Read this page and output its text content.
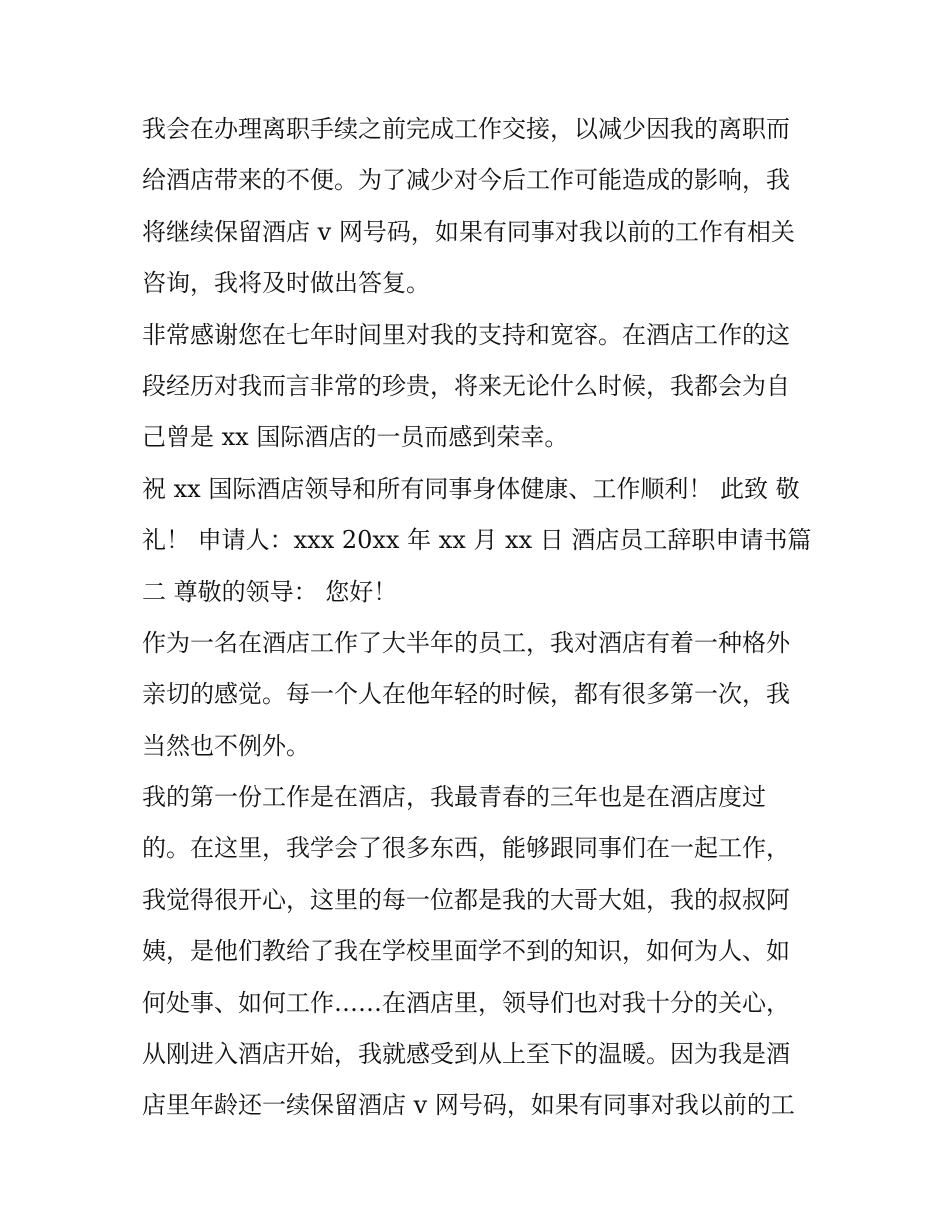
我会在办理离职手续之前完成工作交接，以减少因我的离职而
给酒店带来的不便。为了减少对今后工作可能造成的影响，我
将继续保留酒店 v 网号码，如果有同事对我以前的工作有相关
咨询，我将及时做出答复。
非常感谢您在七年时间里对我的支持和宽容。在酒店工作的这
段经历对我而言非常的珍贵，将来无论什么时候，我都会为自
己曾是 xx 国际酒店的一员而感到荣幸。
祝 xx 国际酒店领导和所有同事身体健康、工作顺利！ 此致 敬
礼！ 申请人：xxx 20xx 年 xx 月 xx 日 酒店员工辞职申请书篇
二 尊敬的领导： 您好！
作为一名在酒店工作了大半年的员工，我对酒店有着一种格外
亲切的感觉。每一个人在他年轻的时候，都有很多第一次，我
当然也不例外。
我的第一份工作是在酒店，我最青春的三年也是在酒店度过
的。在这里，我学会了很多东西，能够跟同事们在一起工作，
我觉得很开心，这里的每一位都是我的大哥大姐，我的叔叔阿
姨，是他们教给了我在学校里面学不到的知识，如何为人、如
何处事、如何工作……在酒店里，领导们也对我十分的关心，
从刚进入酒店开始，我就感受到从上至下的温暖。因为我是酒
店里年龄还一续保留酒店 v 网号码，如果有同事对我以前的工
